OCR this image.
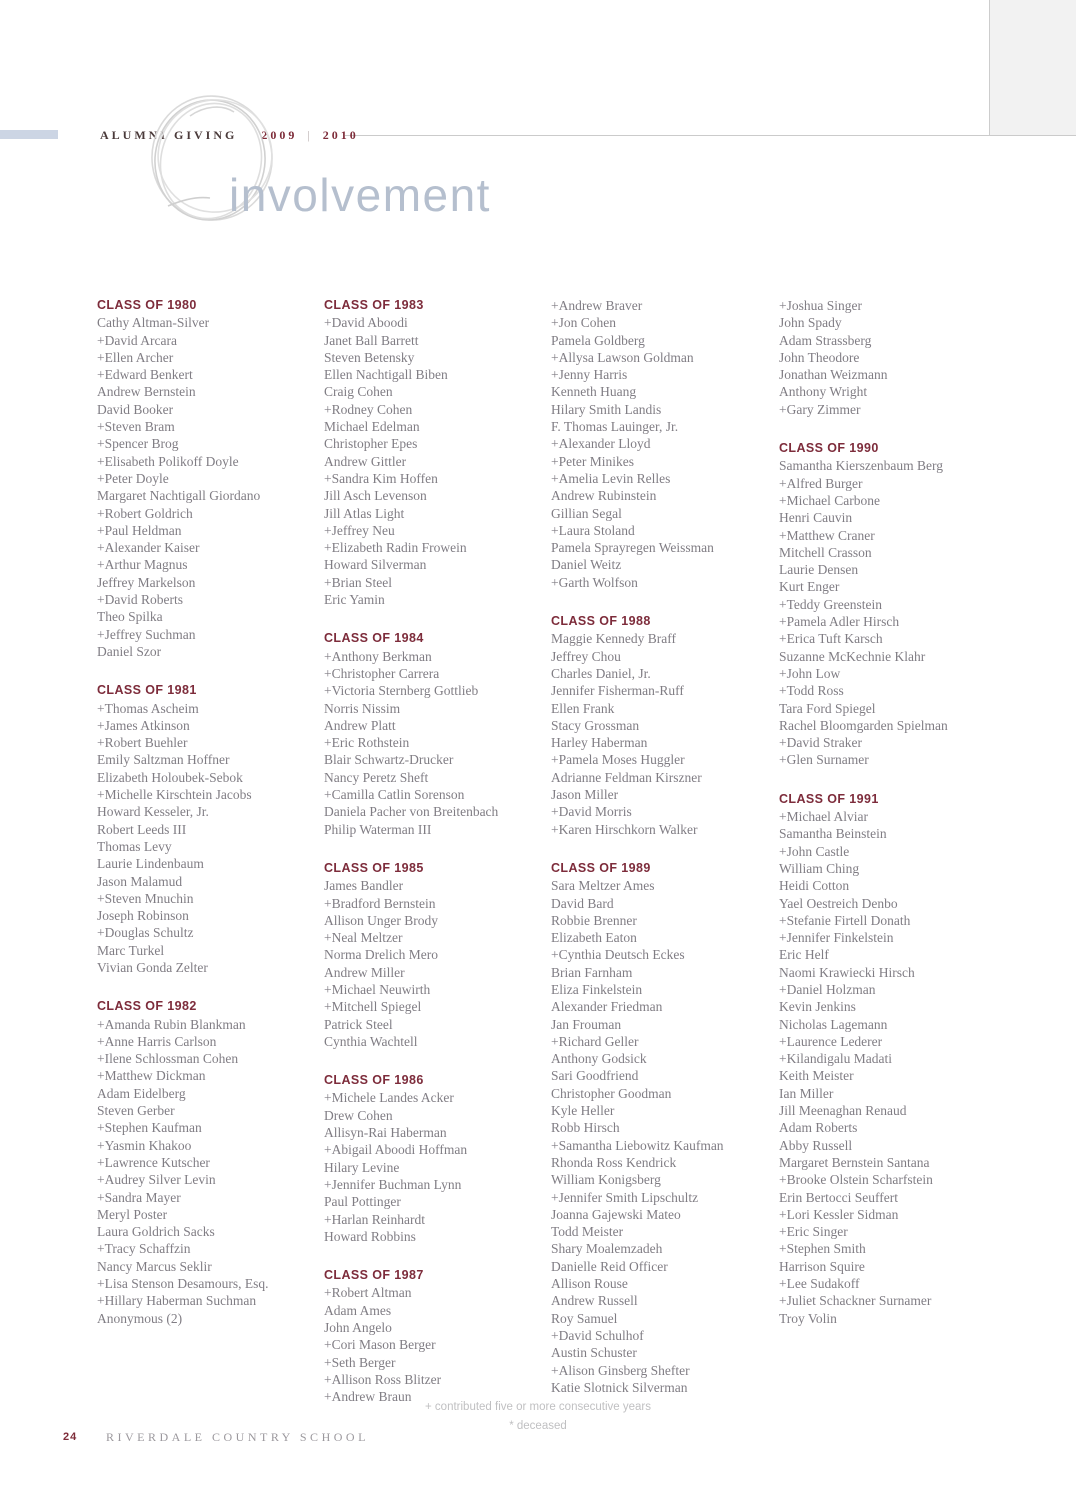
ALUMNI GIVING 2009 | 2010
involvement
CLASS OF 1980
Cathy Altman-Silver
+David Arcara
+Ellen Archer
+Edward Benkert
Andrew Bernstein
David Booker
+Steven Bram
+Spencer Brog
+Elisabeth Polikoff Doyle
+Peter Doyle
Margaret Nachtigall Giordano
+Robert Goldrich
+Paul Heldman
+Alexander Kaiser
+Arthur Magnus
Jeffrey Markelson
+David Roberts
Theo Spilka
+Jeffrey Suchman
Daniel Szor
CLASS OF 1981
+Thomas Ascheim
+James Atkinson
+Robert Buehler
Emily Saltzman Hoffner
Elizabeth Holoubek-Sebok
+Michelle Kirschtein Jacobs
Howard Kesseler, Jr.
Robert Leeds III
Thomas Levy
Laurie Lindenbaum
Jason Malamud
+Steven Mnuchin
Joseph Robinson
+Douglas Schultz
Marc Turkel
Vivian Gonda Zelter
CLASS OF 1982
+Amanda Rubin Blankman
+Anne Harris Carlson
+Ilene Schlossman Cohen
+Matthew Dickman
Adam Eidelberg
Steven Gerber
+Stephen Kaufman
+Yasmin Khakoo
+Lawrence Kutscher
+Audrey Silver Levin
+Sandra Mayer
Meryl Poster
Laura Goldrich Sacks
+Tracy Schaffzin
Nancy Marcus Seklir
+Lisa Stenson Desamours, Esq.
+Hillary Haberman Suchman
Anonymous (2)
CLASS OF 1983
+David Aboodi
Janet Ball Barrett
Steven Betensky
Ellen Nachtigall Biben
Craig Cohen
+Rodney Cohen
Michael Edelman
Christopher Epes
Andrew Gittler
+Sandra Kim Hoffen
Jill Asch Levenson
Jill Atlas Light
+Jeffrey Neu
+Elizabeth Radin Frowein
Howard Silverman
+Brian Steel
Eric Yamin
CLASS OF 1984
+Anthony Berkman
+Christopher Carrera
+Victoria Sternberg Gottlieb
Norris Nissim
Andrew Platt
+Eric Rothstein
Blair Schwartz-Drucker
Nancy Peretz Sheft
+Camilla Catlin Sorenson
Daniela Pacher von Breitenbach
Philip Waterman III
CLASS OF 1985
James Bandler
+Bradford Bernstein
Allison Unger Brody
+Neal Meltzer
Norma Drelich Mero
Andrew Miller
+Michael Neuwirth
+Mitchell Spiegel
Patrick Steel
Cynthia Wachtell
CLASS OF 1986
+Michele Landes Acker
Drew Cohen
Allisyn-Rai Haberman
+Abigail Aboodi Hoffman
Hilary Levine
+Jennifer Buchman Lynn
Paul Pottinger
+Harlan Reinhardt
Howard Robbins
CLASS OF 1987
+Robert Altman
Adam Ames
John Angelo
+Cori Mason Berger
+Seth Berger
+Allison Ross Blitzer
+Andrew Braun
+Andrew Braver
+Jon Cohen
Pamela Goldberg
+Allysa Lawson Goldman
+Jenny Harris
Kenneth Huang
Hilary Smith Landis
F. Thomas Lauinger, Jr.
+Alexander Lloyd
+Peter Minikes
+Amelia Levin Relles
Andrew Rubinstein
Gillian Segal
+Laura Stoland
Pamela Sprayregen Weissman
Daniel Weitz
+Garth Wolfson
CLASS OF 1988
Maggie Kennedy Braff
Jeffrey Chou
Charles Daniel, Jr.
Jennifer Fisherman-Ruff
Ellen Frank
Stacy Grossman
Harley Haberman
+Pamela Moses Huggler
Adrianne Feldman Kirszner
Jason Miller
+David Morris
+Karen Hirschkorn Walker
CLASS OF 1989
Sara Meltzer Ames
David Bard
Robbie Brenner
Elizabeth Eaton
+Cynthia Deutsch Eckes
Brian Farnham
Eliza Finkelstein
Alexander Friedman
Jan Frouman
+Richard Geller
Anthony Godsick
Sari Goodfriend
Christopher Goodman
Kyle Heller
Robb Hirsch
+Samantha Liebowitz Kaufman
Rhonda Ross Kendrick
William Konigsberg
+Jennifer Smith Lipschultz
Joanna Gajewski Mateo
Todd Meister
Shary Moalemzadeh
Danielle Reid Officer
Allison Rouse
Andrew Russell
Roy Samuel
+David Schulhof
Austin Schuster
+Alison Ginsberg Shefter
Katie Slotnick Silverman
+Joshua Singer
John Spady
Adam Strassberg
John Theodore
Jonathan Weizmann
Anthony Wright
+Gary Zimmer
CLASS OF 1990
Samantha Kierszenbaum Berg
+Alfred Burger
+Michael Carbone
Henri Cauvin
+Matthew Craner
Mitchell Crasson
Laurie Densen
Kurt Enger
+Teddy Greenstein
+Pamela Adler Hirsch
+Erica Tuft Karsch
Suzanne McKechnie Klahr
+John Low
+Todd Ross
Tara Ford Spiegel
Rachel Bloomgarden Spielman
+David Straker
+Glen Surnamer
CLASS OF 1991
+Michael Alviar
Samantha Beinstein
+John Castle
William Ching
Heidi Cotton
Yael Oestreich Denbo
+Stefanie Firtell Donath
+Jennifer Finkelstein
Eric Helf
Naomi Krawiecki Hirsch
+Daniel Holzman
Kevin Jenkins
Nicholas Lagemann
+Laurence Lederer
+Kilandigalu Madati
Keith Meister
Ian Miller
Jill Meenaghan Renaud
Adam Roberts
Abby Russell
Margaret Bernstein Santana
+Brooke Olstein Scharfstein
Erin Bertocci Seuffert
+Lori Kessler Sidman
+Eric Singer
+Stephen Smith
Harrison Squire
+Lee Sudakoff
+Juliet Schackner Surnamer
Troy Volin
+ contributed five or more consecutive years
* deceased
24 RIVERDALE COUNTRY SCHOOL
